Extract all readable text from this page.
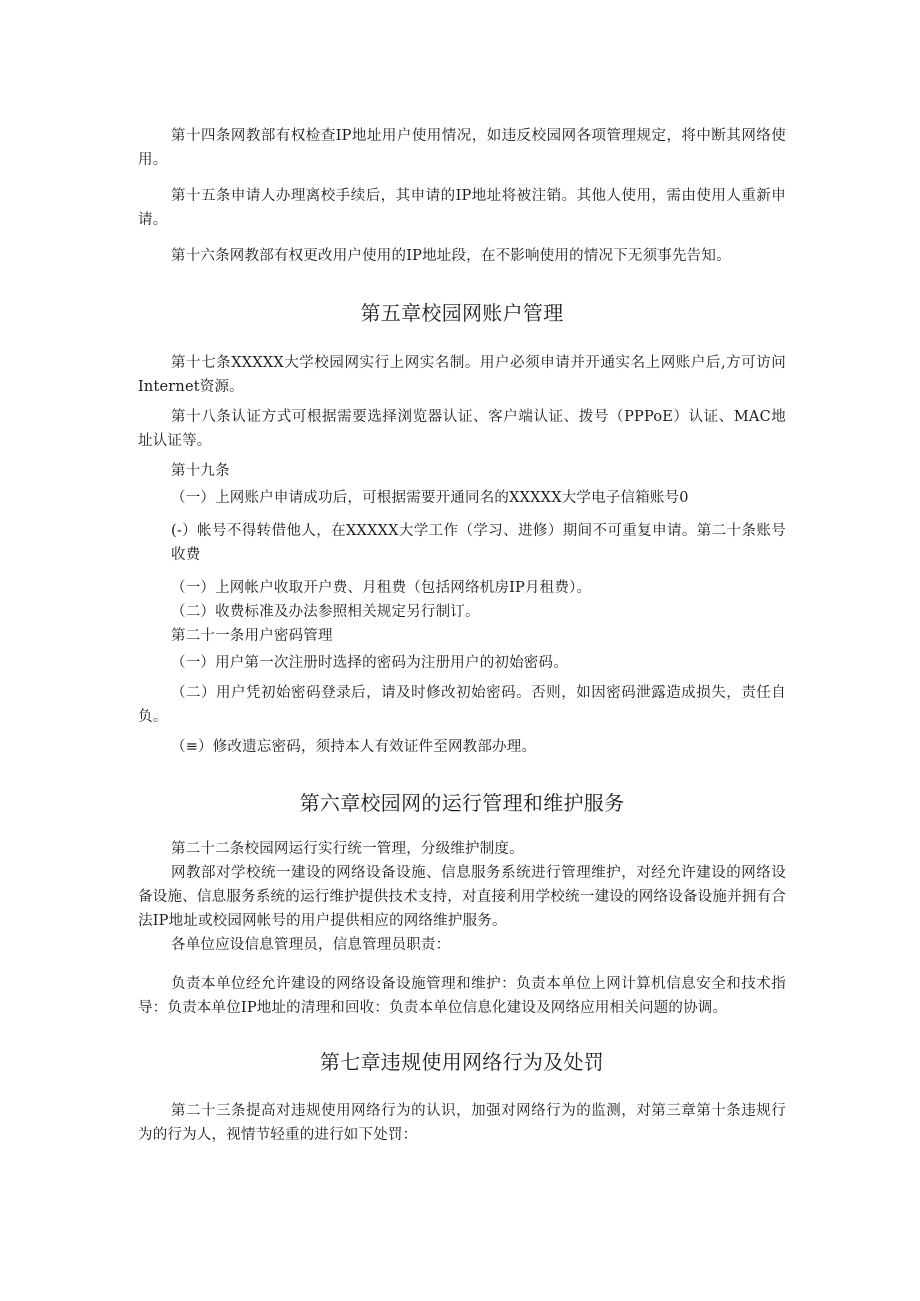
第十四条网教部有权检查IP地址用户使用情况，如违反校园网各项管理规定，将中断其网络使用。

第十五条申请人办理离校手续后，其申请的IP地址将被注销。其他人使用，需由使用人重新申请。

第十六条网教部有权更改用户使用的IP地址段，在不影响使用的情况下无须事先告知。

第五章校园网账户管理

第十七条XXXXX大学校园网实行上网实名制。用户必须申请并开通实名上网账户后,方可访问Internet资源。

第十八条认证方式可根据需要选择浏览器认证、客户端认证、拨号（PPPoE）认证、MAC地址认证等。

第十九条

（一）上网账户申请成功后，可根据需要开通同名的XXXXX大学电子信箱账号0

(-）帐号不得转借他人，在XXXXX大学工作（学习、进修）期间不可重复申请。第二十条账号收费

（一）上网帐户收取开户费、月租费（包括网络机房IP月租费）。

（二）收费标准及办法参照相关规定另行制订。

第二十一条用户密码管理

（一）用户第一次注册时选择的密码为注册用户的初始密码。

（二）用户凭初始密码登录后，请及时修改初始密码。否则，如因密码泄露造成损失，责任自负。

（≡）修改遗忘密码，须持本人有效证件至网教部办理。

第六章校园网的运行管理和维护服务

第二十二条校园网运行实行统一管理，分级维护制度。

网教部对学校统一建设的网络设备设施、信息服务系统进行管理维护，对经允许建设的网络设备设施、信息服务系统的运行维护提供技术支持，对直接利用学校统一建设的网络设备设施并拥有合法IP地址或校园网帐号的用户提供相应的网络维护服务。

各单位应设信息管理员，信息管理员职责：

负责本单位经允许建设的网络设备设施管理和维护：负责本单位上网计算机信息安全和技术指导：负责本单位IP地址的清理和回收：负责本单位信息化建设及网络应用相关问题的协调。

第七章违规使用网络行为及处罚

第二十三条提高对违规使用网络行为的认识，加强对网络行为的监测，对第三章第十条违规行为的行为人，视情节轻重的进行如下处罚：
